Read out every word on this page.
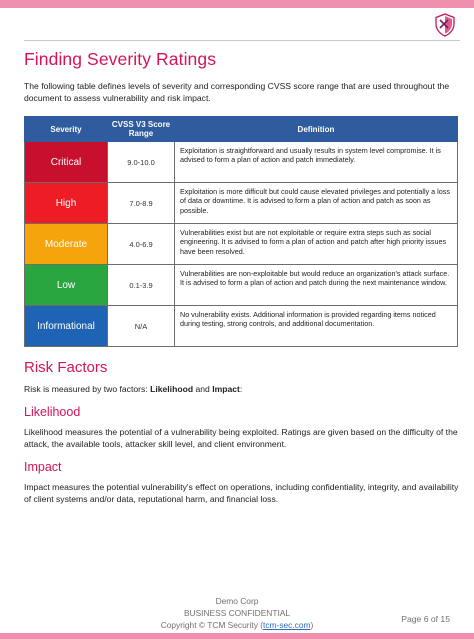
Finding Severity Ratings
The following table defines levels of severity and corresponding CVSS score range that are used throughout the document to assess vulnerability and risk impact.
Severity	CVSS V3 Score Range	Definition
Critical	9.0-10.0	Exploitation is straightforward and usually results in system level compromise. It is advised to form a plan of action and patch immediately.
High	7.0-8.9	Exploitation is more difficult but could cause elevated privileges and potentially a loss of data or downtime. It is advised to form a plan of action and patch as soon as possible.
Moderate	4.0-6.9	Vulnerabilities exist but are not exploitable or require extra steps such as social engineering. It is advised to form a plan of action and patch after high priority issues have been resolved.
Low	0.1-3.9	Vulnerabilities are non-exploitable but would reduce an organization's attack surface. It is advised to form a plan of action and patch during the next maintenance window.
Informational	N/A	No vulnerability exists. Additional information is provided regarding items noticed during testing, strong controls, and additional documentation.
Risk Factors
Risk is measured by two factors: Likelihood and Impact:
Likelihood
Likelihood measures the potential of a vulnerability being exploited. Ratings are given based on the difficulty of the attack, the available tools, attacker skill level, and client environment.
Impact
Impact measures the potential vulnerability's effect on operations, including confidentiality, integrity, and availability of client systems and/or data, reputational harm, and financial loss.
Demo Corp
BUSINESS CONFIDENTIAL
Copyright © TCM Security (tcm-sec.com)
Page 6 of 15
